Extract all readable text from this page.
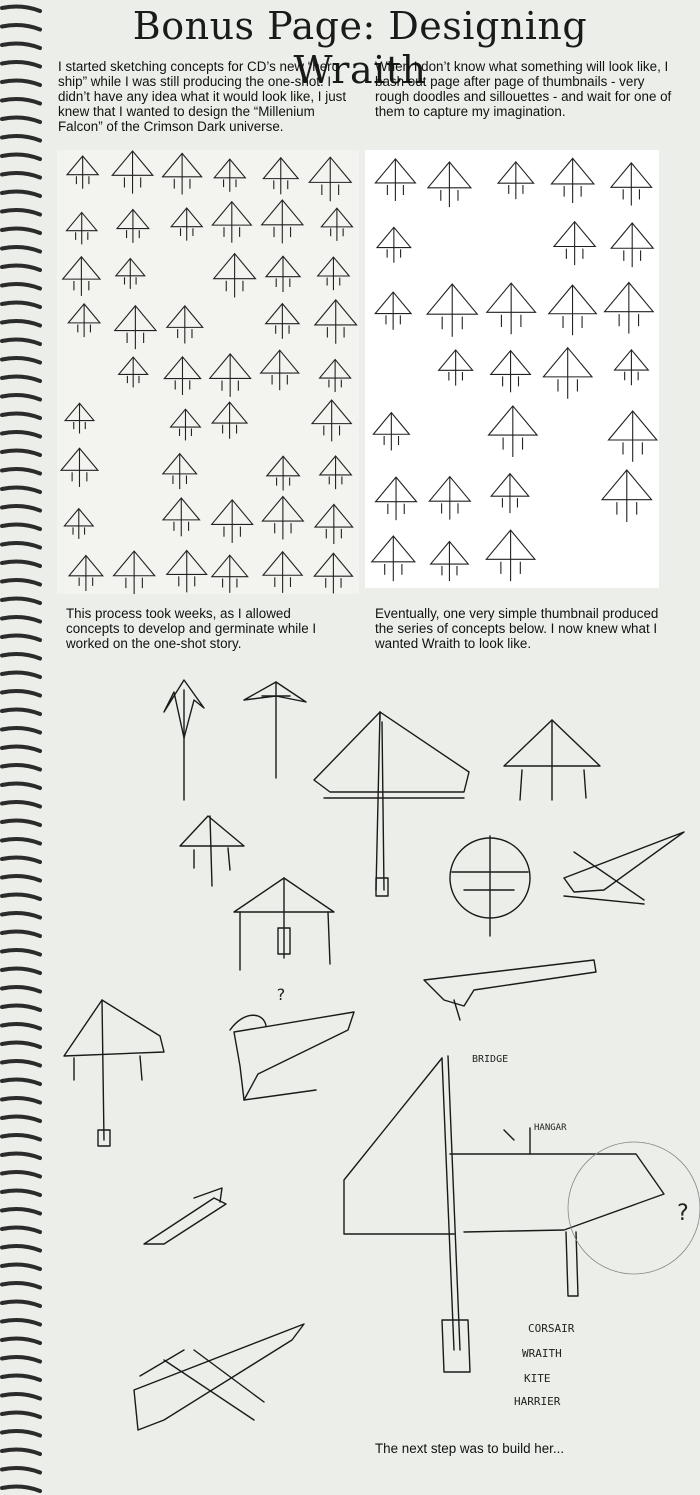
Bonus Page: Designing Wraith

I started sketching concepts for CD’s new “hero ship” while I was still producing the one-shot. I didn’t have any idea what it would look like, I just knew that I wanted to design the “Millenium Falcon” of the Crimson Dark universe.

When I don’t know what something will look like, I bash out page after page of thumbnails - very rough doodles and sillouettes - and wait for one of them to capture my imagination.

This process took weeks, as I allowed concepts to develop and germinate while I worked on the one-shot story.

Eventually, one very simple thumbnail produced the series of concepts below. I now knew what I wanted Wraith to look like.

BRIDGE
HANGAR
?
?
CORSAIR
WRAITH
KITE
HARRIER

The next step was to build her...
